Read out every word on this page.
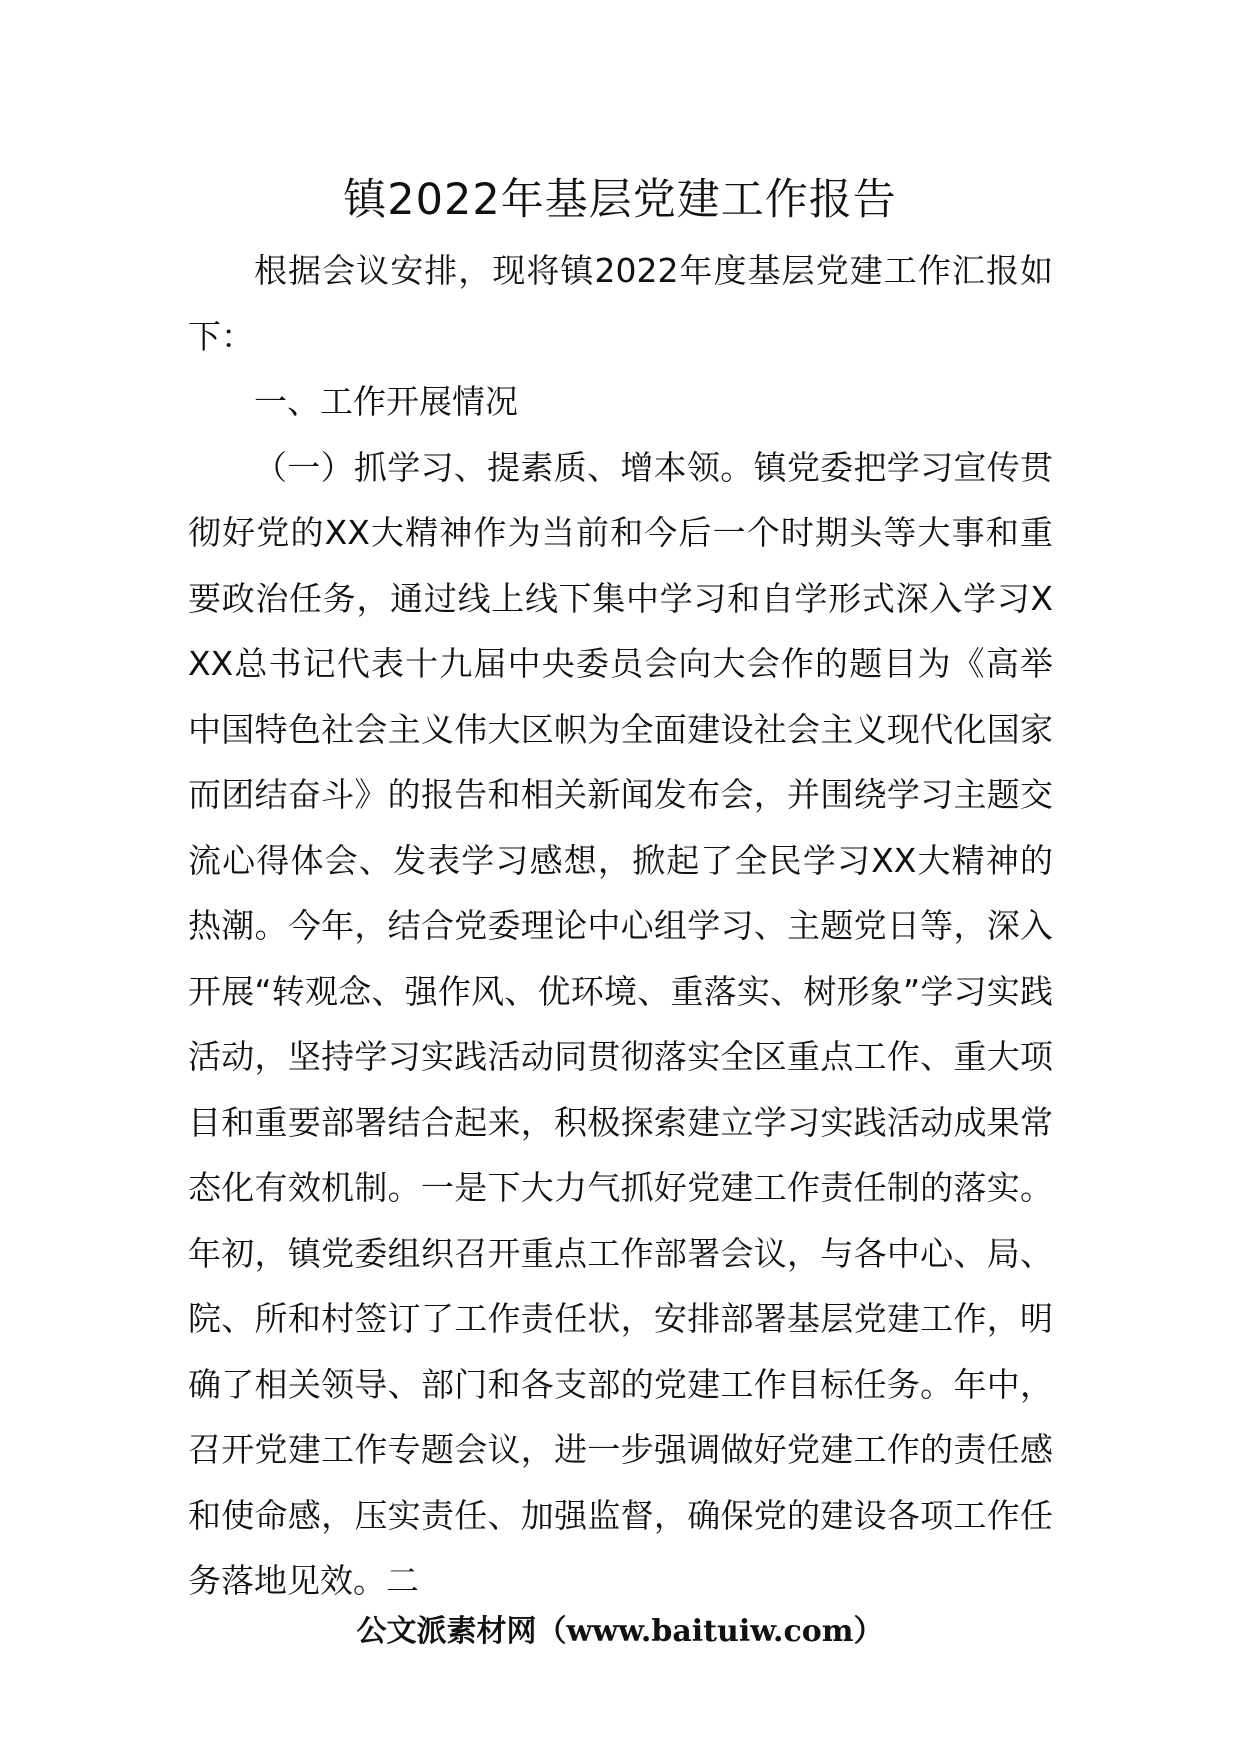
镇2022年基层党建工作报告

根据会议安排，现将镇2022年度基层党建工作汇报如下：

一、工作开展情况

（一）抓学习、提素质、增本领。镇党委把学习宣传贯彻好党的XX大精神作为当前和今后一个时期头等大事和重要政治任务，通过线上线下集中学习和自学形式深入学习XXX总书记代表十九届中央委员会向大会作的题目为《高举中国特色社会主义伟大区帜为全面建设社会主义现代化国家而团结奋斗》的报告和相关新闻发布会，并围绕学习主题交流心得体会、发表学习感想，掀起了全民学习XX大精神的热潮。今年，结合党委理论中心组学习、主题党日等，深入开展“转观念、强作风、优环境、重落实、树形象”学习实践活动，坚持学习实践活动同贯彻落实全区重点工作、重大项目和重要部署结合起来，积极探索建立学习实践活动成果常态化有效机制。一是下大力气抓好党建工作责任制的落实。年初，镇党委组织召开重点工作部署会议，与各中心、局、院、所和村签订了工作责任状，安排部署基层党建工作，明确了相关领导、部门和各支部的党建工作目标任务。年中，召开党建工作专题会议，进一步强调做好党建工作的责任感和使命感，压实责任、加强监督，确保党的建设各项工作任务落地见效。二

公文派素材网（www.baituiw.com）
